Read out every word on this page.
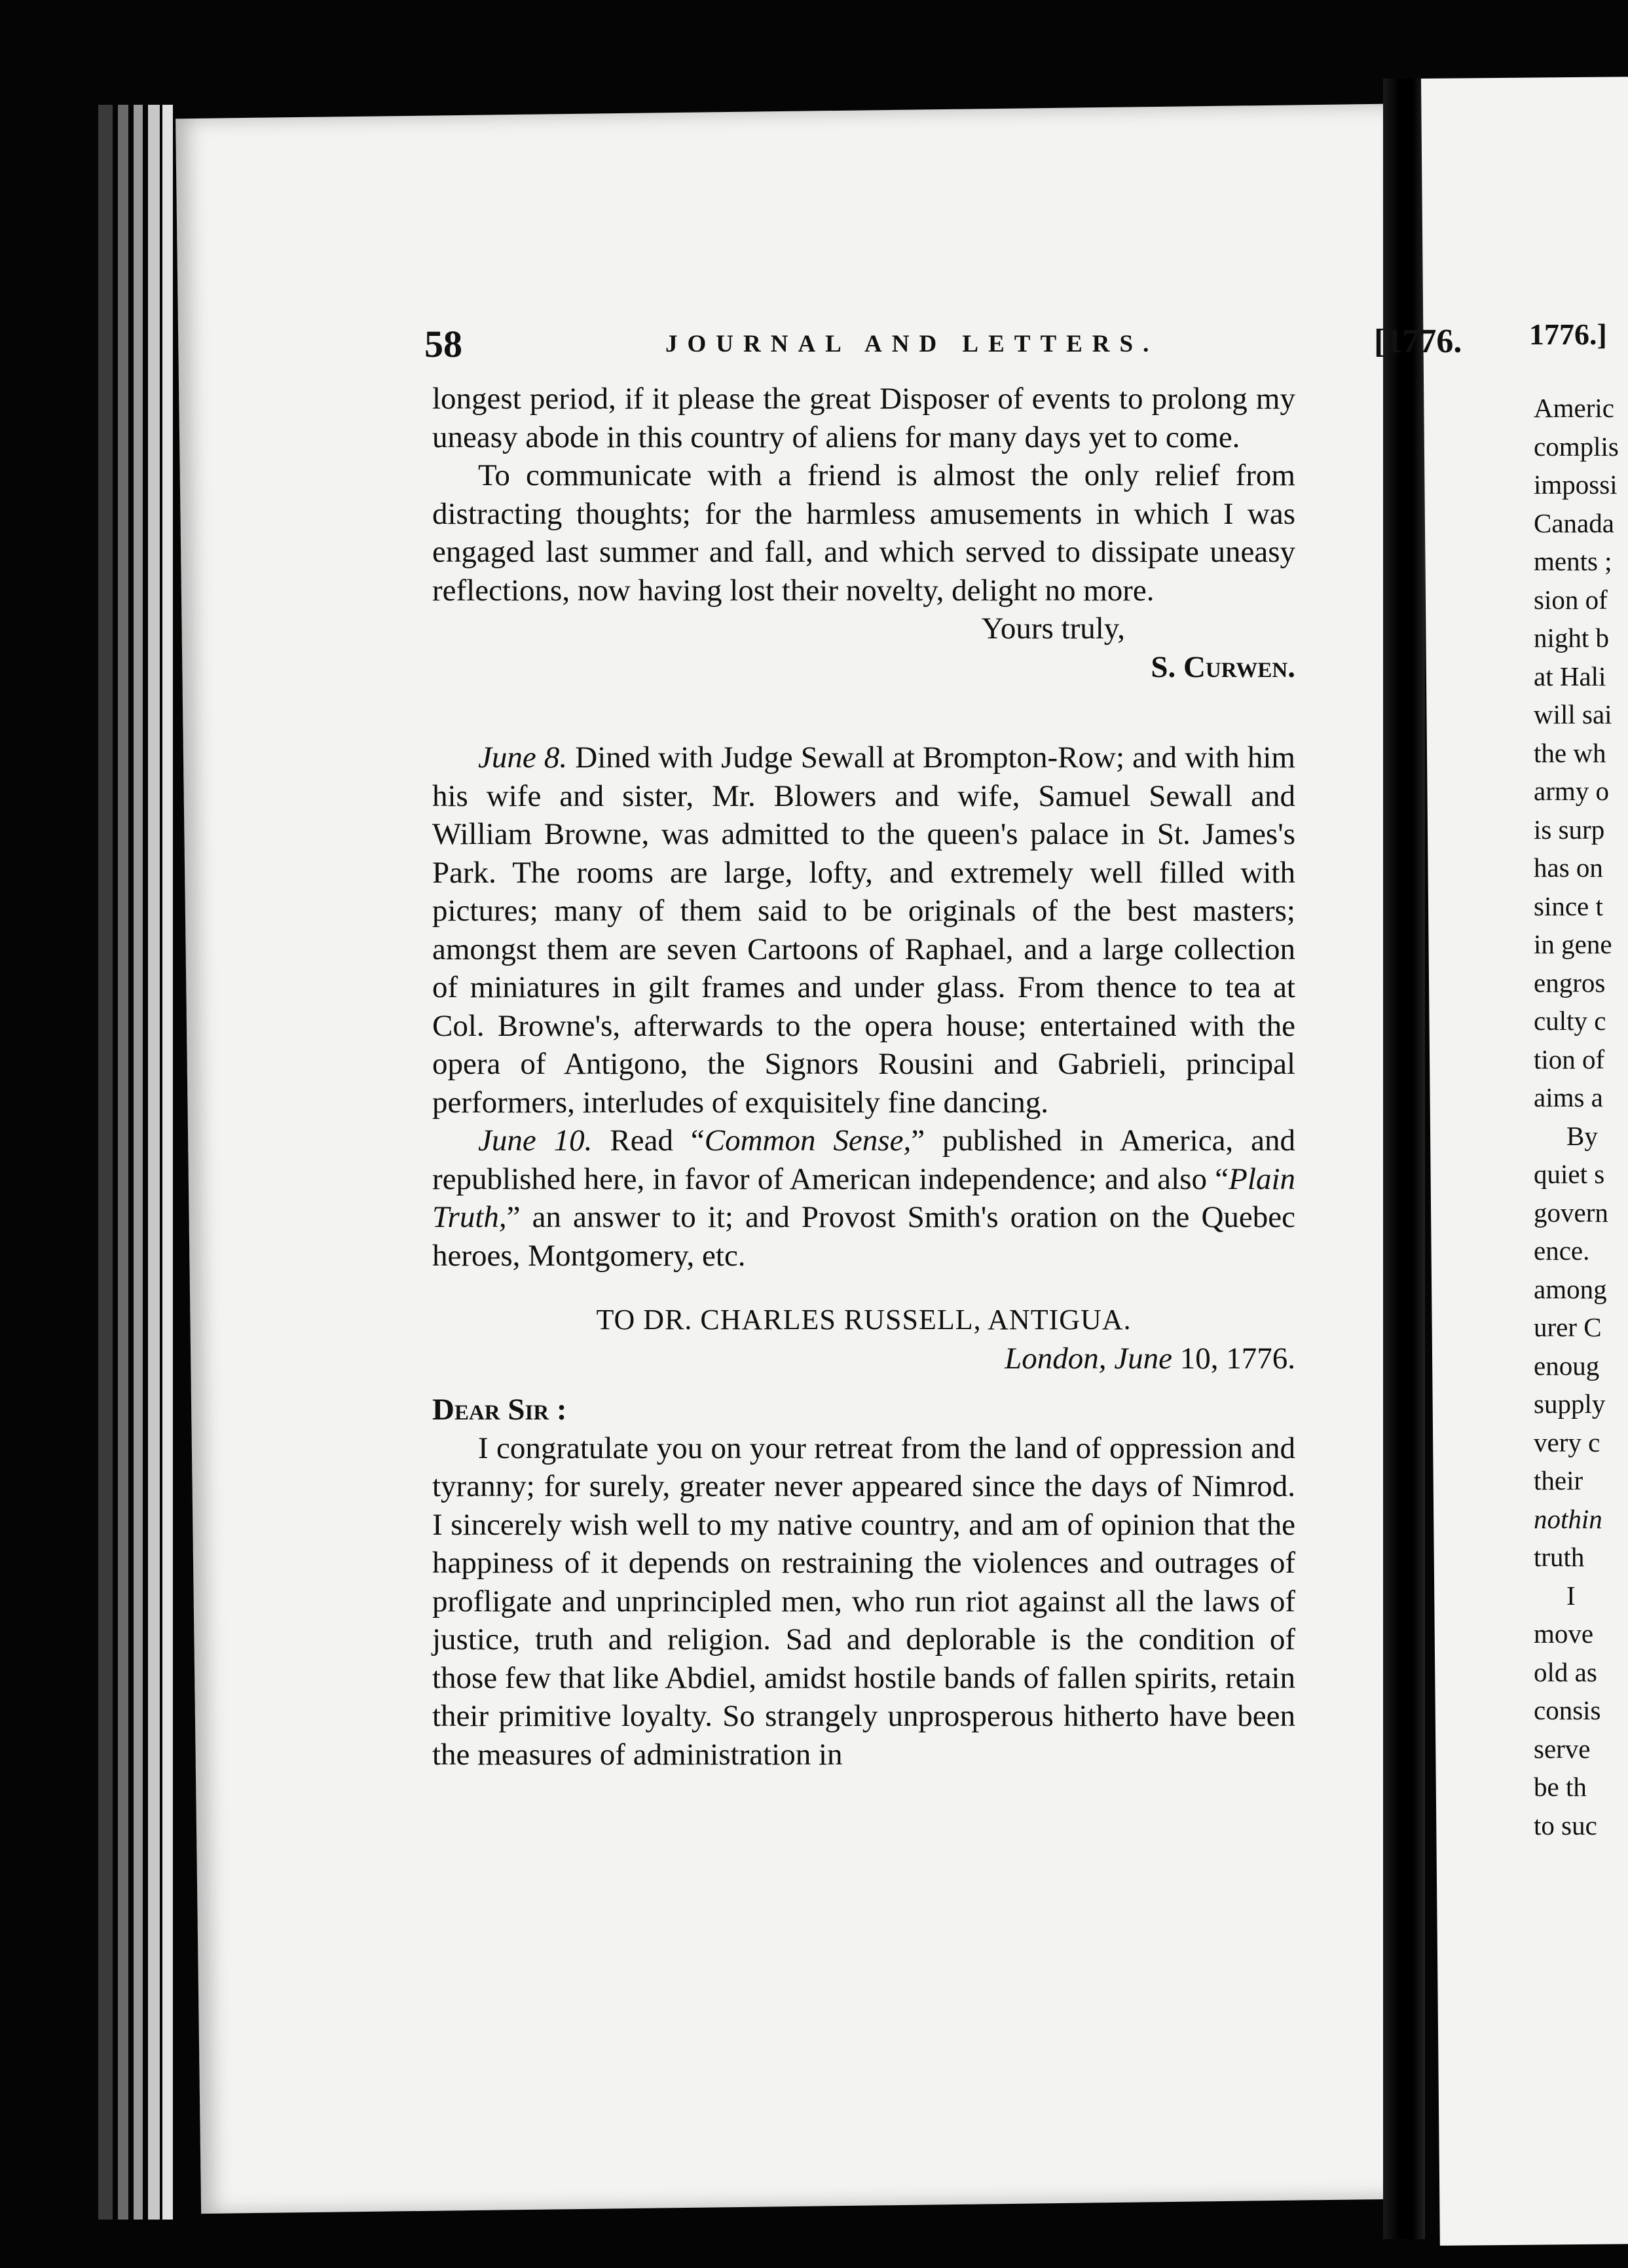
58	JOURNAL AND LETTERS.	[1776.

longest period, if it please the great Disposer of events to prolong my uneasy abode in this country of aliens for many days yet to come.

To communicate with a friend is almost the only relief from distracting thoughts; for the harmless amusements in which I was engaged last summer and fall, and which served to dissipate uneasy reflections, now having lost their novelty, delight no more.

Yours truly,

S. Curwen.

June 8. Dined with Judge Sewall at Brompton-Row; and with him his wife and sister, Mr. Blowers and wife, Samuel Sewall and William Browne, was admitted to the queen's palace in St. James's Park. The rooms are large, lofty, and extremely well filled with pictures; many of them said to be originals of the best masters; amongst them are seven Cartoons of Raphael, and a large collection of miniatures in gilt frames and under glass. From thence to tea at Col. Browne's, afterwards to the opera house; entertained with the opera of Antigono, the Signors Rousini and Gabrieli, principal performers, interludes of exquisitely fine dancing.

June 10. Read “Common Sense,” published in America, and republished here, in favor of American independence; and also “Plain Truth,” an answer to it; and Provost Smith's oration on the Quebec heroes, Montgomery, etc.

TO DR. CHARLES RUSSELL, ANTIGUA.

London, June 10, 1776.

Dear Sir :

I congratulate you on your retreat from the land of oppression and tyranny; for surely, greater never appeared since the days of Nimrod. I sincerely wish well to my native country, and am of opinion that the happiness of it depends on restraining the violences and outrages of profligate and unprincipled men, who run riot against all the laws of justice, truth and religion. Sad and deplorable is the condition of those few that like Abdiel, amidst hostile bands of fallen spirits, retain their primitive loyalty. So strangely unprosperous hitherto have been the measures of administration in

1776.]
Americ
complis
impossi
Canada
ments ;
sion of
night b
at Hali
will sai
the wh
army o
is surp
has on
since t
in gene
engros
culty c
tion of
aims a
By
quiet s
govern
ence.
among
urer C
enoug
supply
very c
their
nothin
truth
I
move
old as
consis
serve
be th
to suc
